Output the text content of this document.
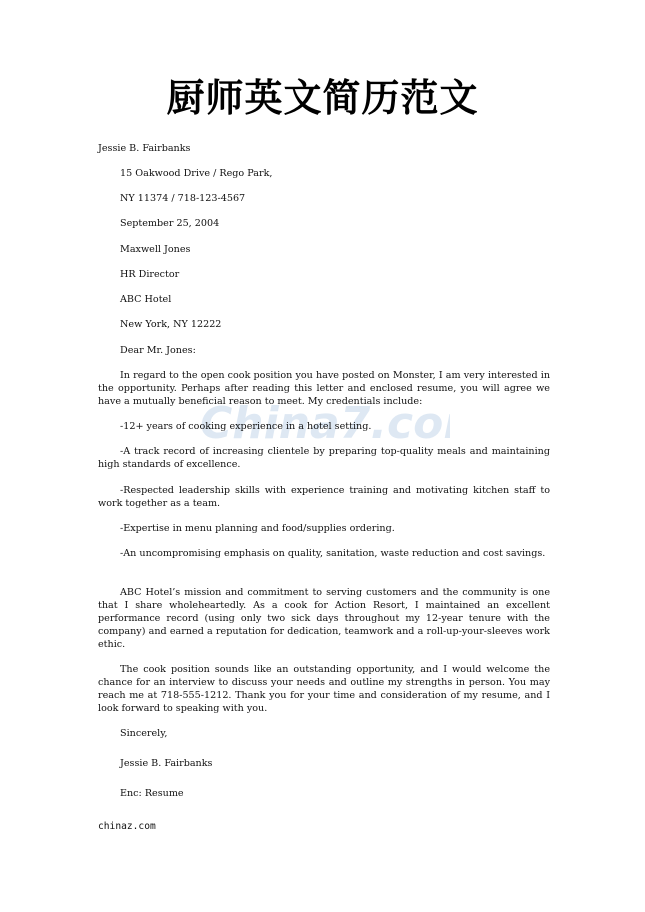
厨师英文简历范文
China7.co
Jessie B. Fairbanks
15 Oakwood Drive / Rego Park,
NY 11374 / 718-123-4567
September 25, 2004
Maxwell Jones
HR Director
ABC Hotel
New York, NY 12222
Dear Mr. Jones:
In regard to the open cook position you have posted on Monster, I am very interested in the opportunity. Perhaps after reading this letter and enclosed resume, you will agree we have a mutually beneficial reason to meet. My credentials include:
-12+ years of cooking experience in a hotel setting.
-A track record of increasing clientele by preparing top-quality meals and maintaining high standards of excellence.
-Respected leadership skills with experience training and motivating kitchen staff to work together as a team.
-Expertise in menu planning and food/supplies ordering.
-An uncompromising emphasis on quality, sanitation, waste reduction and cost savings.
ABC Hotel’s mission and commitment to serving customers and the community is one that I share wholeheartedly. As a cook for Action Resort, I maintained an excellent performance record (using only two sick days throughout my 12-year tenure with the company) and earned a reputation for dedication, teamwork and a roll-up-your-sleeves work ethic.
The cook position sounds like an outstanding opportunity, and I would welcome the chance for an interview to discuss your needs and outline my strengths in person. You may reach me at 718-555-1212. Thank you for your time and consideration of my resume, and I look forward to speaking with you.
Sincerely,
Jessie B. Fairbanks
Enc: Resume
chinaz.com
